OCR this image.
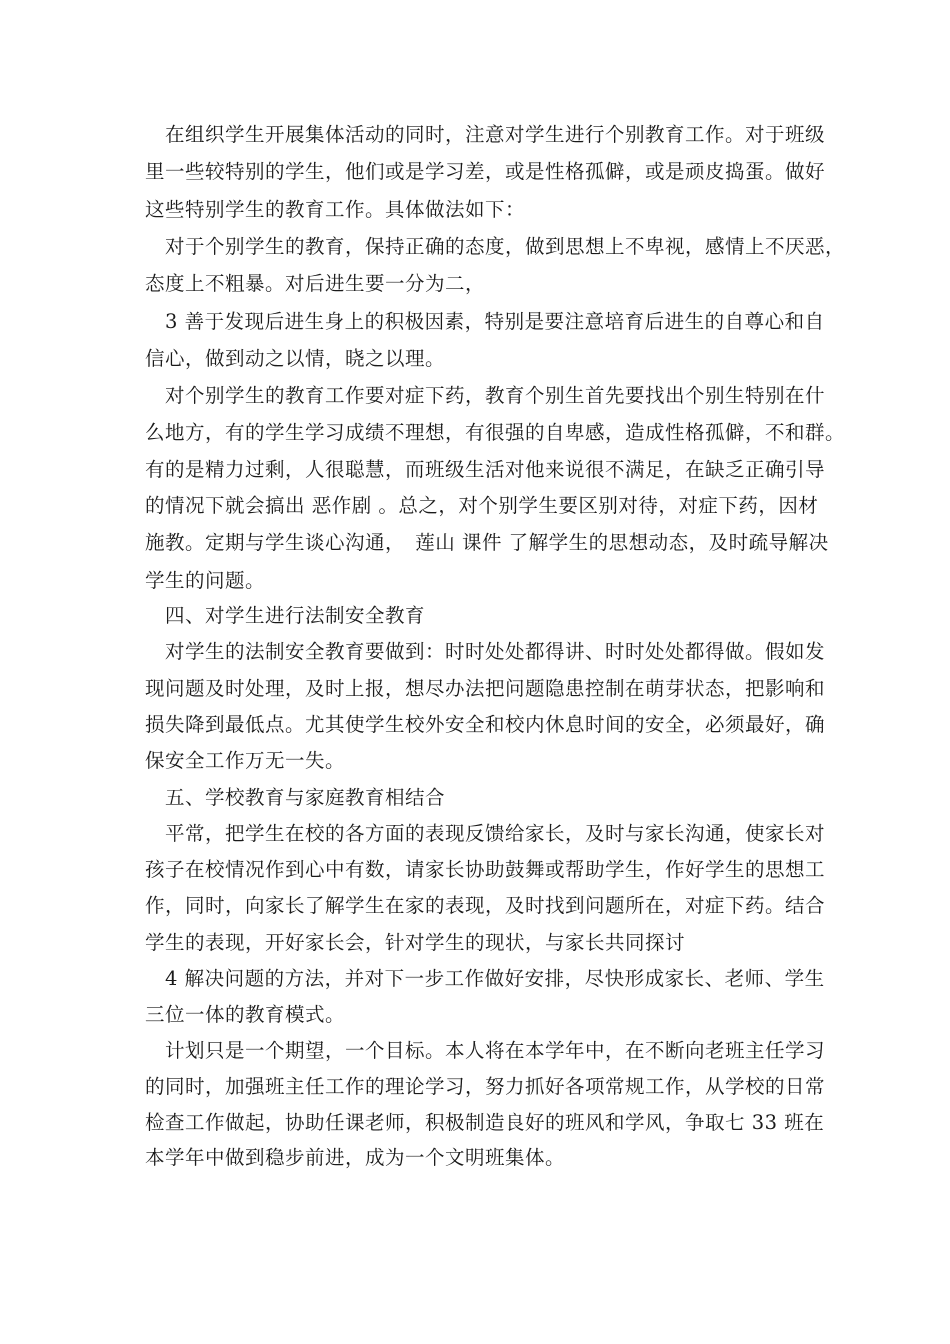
　在组织学生开展集体活动的同时，注意对学生进行个别教育工作。对于班级
里一些较特别的学生，他们或是学习差，或是性格孤僻，或是顽皮捣蛋。做好
这些特别学生的教育工作。具体做法如下：
　对于个别学生的教育，保持正确的态度，做到思想上不卑视，感情上不厌恶，
态度上不粗暴。对后进生要一分为二，
　3 善于发现后进生身上的积极因素，特别是要注意培育后进生的自尊心和自
信心，做到动之以情，晓之以理。
　对个别学生的教育工作要对症下药，教育个别生首先要找出个别生特别在什
么地方，有的学生学习成绩不理想，有很强的自卑感，造成性格孤僻，不和群。
有的是精力过剩，人很聪慧，而班级生活对他来说很不满足，在缺乏正确引导
的情况下就会搞出 恶作剧 。总之，对个别学生要区别对待，对症下药，因材
施教。定期与学生谈心沟通，　莲山 课件 了解学生的思想动态，及时疏导解决
学生的问题。
　四、对学生进行法制安全教育
　对学生的法制安全教育要做到：时时处处都得讲、时时处处都得做。假如发
现问题及时处理，及时上报，想尽办法把问题隐患控制在萌芽状态，把影响和
损失降到最低点。尤其使学生校外安全和校内休息时间的安全，必须最好，确
保安全工作万无一失。
　五、学校教育与家庭教育相结合
　平常，把学生在校的各方面的表现反馈给家长，及时与家长沟通，使家长对
孩子在校情况作到心中有数，请家长协助鼓舞或帮助学生，作好学生的思想工
作，同时，向家长了解学生在家的表现，及时找到问题所在，对症下药。结合
学生的表现，开好家长会，针对学生的现状，与家长共同探讨
　4 解决问题的方法，并对下一步工作做好安排，尽快形成家长、老师、学生
三位一体的教育模式。
　计划只是一个期望，一个目标。本人将在本学年中，在不断向老班主任学习
的同时，加强班主任工作的理论学习，努力抓好各项常规工作，从学校的日常
检查工作做起，协助任课老师，积极制造良好的班风和学风，争取七 33 班在
本学年中做到稳步前进，成为一个文明班集体。
